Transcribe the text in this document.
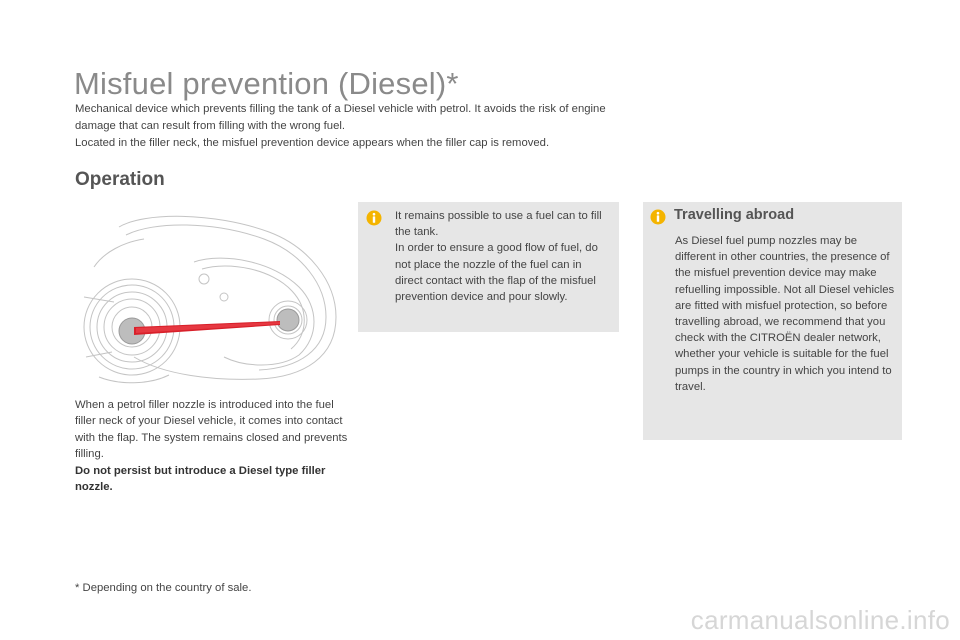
Misfuel prevention (Diesel)*

Mechanical device which prevents filling the tank of a Diesel vehicle with petrol. It avoids the risk of engine damage that can result from filling with the wrong fuel.

Located in the filler neck, the misfuel prevention device appears when the filler cap is removed.

Operation

When a petrol filler nozzle is introduced into the fuel filler neck of your Diesel vehicle, it comes into contact with the flap. The system remains closed and prevents filling.

Do not persist but introduce a Diesel type filler nozzle.

It remains possible to use a fuel can to fill the tank.

In order to ensure a good flow of fuel, do not place the nozzle of the fuel can in direct contact with the flap of the misfuel prevention device and pour slowly.

Travelling abroad

As Diesel fuel pump nozzles may be different in other countries, the presence of the misfuel prevention device may make refuelling impossible. Not all Diesel vehicles are fitted with misfuel protection, so before travelling abroad, we recommend that you check with the CITROËN dealer network, whether your vehicle is suitable for the fuel pumps in the country in which you intend to travel.

* Depending on the country of sale.
carmanualsonline.info
